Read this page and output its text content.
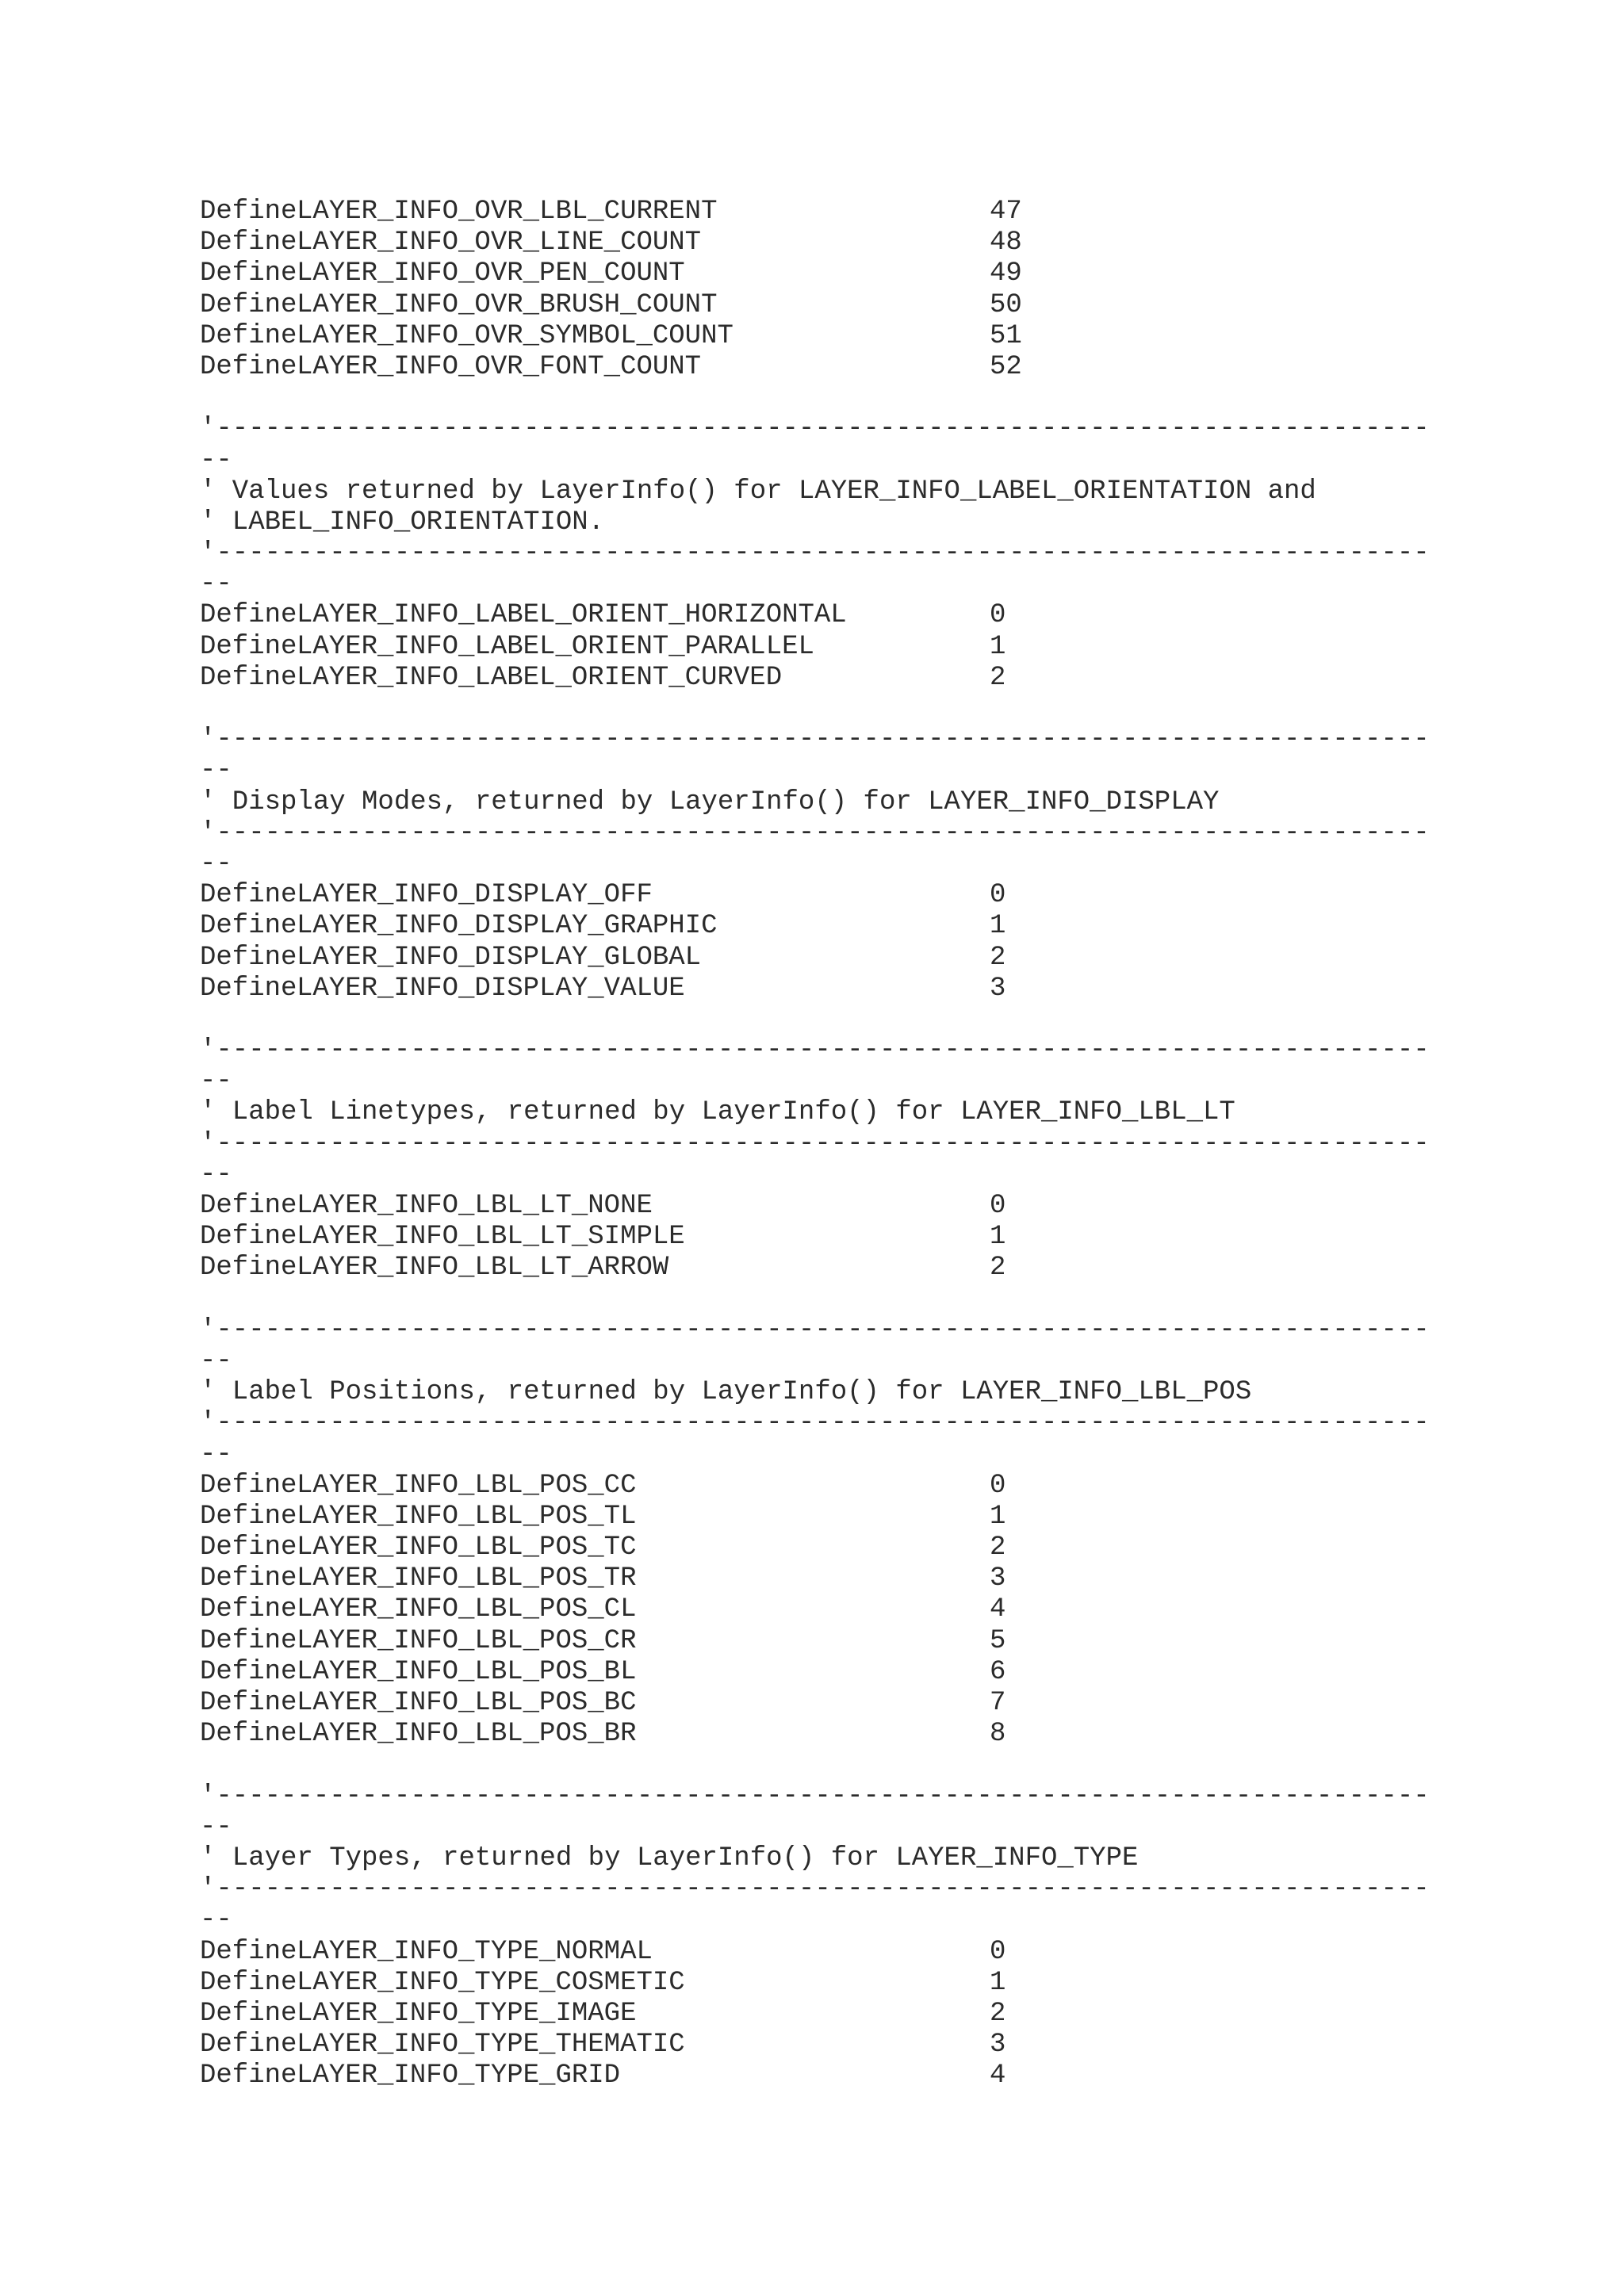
Define LAYER_INFO_OVR_LBL_CURRENT	47
Define LAYER_INFO_OVR_LINE_COUNT	48
Define LAYER_INFO_OVR_PEN_COUNT	49
Define LAYER_INFO_OVR_BRUSH_COUNT	50
Define LAYER_INFO_OVR_SYMBOL_COUNT	51
Define LAYER_INFO_OVR_FONT_COUNT	52
'---------------------------------------------------------------------------
--
' Values returned by LayerInfo() for LAYER_INFO_LABEL_ORIENTATION and
' LABEL_INFO_ORIENTATION.
'---------------------------------------------------------------------------
--
Define LAYER_INFO_LABEL_ORIENT_HORIZONTAL	0
Define LAYER_INFO_LABEL_ORIENT_PARALLEL	1
Define LAYER_INFO_LABEL_ORIENT_CURVED	2
'---------------------------------------------------------------------------
--
' Display Modes, returned by LayerInfo() for LAYER_INFO_DISPLAY
'---------------------------------------------------------------------------
--
Define LAYER_INFO_DISPLAY_OFF	0
Define LAYER_INFO_DISPLAY_GRAPHIC	1
Define LAYER_INFO_DISPLAY_GLOBAL	2
Define LAYER_INFO_DISPLAY_VALUE	3
'---------------------------------------------------------------------------
--
' Label Linetypes, returned by LayerInfo() for LAYER_INFO_LBL_LT
'---------------------------------------------------------------------------
--
Define LAYER_INFO_LBL_LT_NONE	0
Define LAYER_INFO_LBL_LT_SIMPLE	1
Define LAYER_INFO_LBL_LT_ARROW	2
'---------------------------------------------------------------------------
--
' Label Positions, returned by LayerInfo() for LAYER_INFO_LBL_POS
'---------------------------------------------------------------------------
--
Define LAYER_INFO_LBL_POS_CC	0
Define LAYER_INFO_LBL_POS_TL	1
Define LAYER_INFO_LBL_POS_TC	2
Define LAYER_INFO_LBL_POS_TR	3
Define LAYER_INFO_LBL_POS_CL	4
Define LAYER_INFO_LBL_POS_CR	5
Define LAYER_INFO_LBL_POS_BL	6
Define LAYER_INFO_LBL_POS_BC	7
Define LAYER_INFO_LBL_POS_BR	8
'---------------------------------------------------------------------------
--
' Layer Types, returned by LayerInfo() for LAYER_INFO_TYPE
'---------------------------------------------------------------------------
--
Define LAYER_INFO_TYPE_NORMAL	0
Define LAYER_INFO_TYPE_COSMETIC	1
Define LAYER_INFO_TYPE_IMAGE	2
Define LAYER_INFO_TYPE_THEMATIC	3
Define LAYER_INFO_TYPE_GRID	4
